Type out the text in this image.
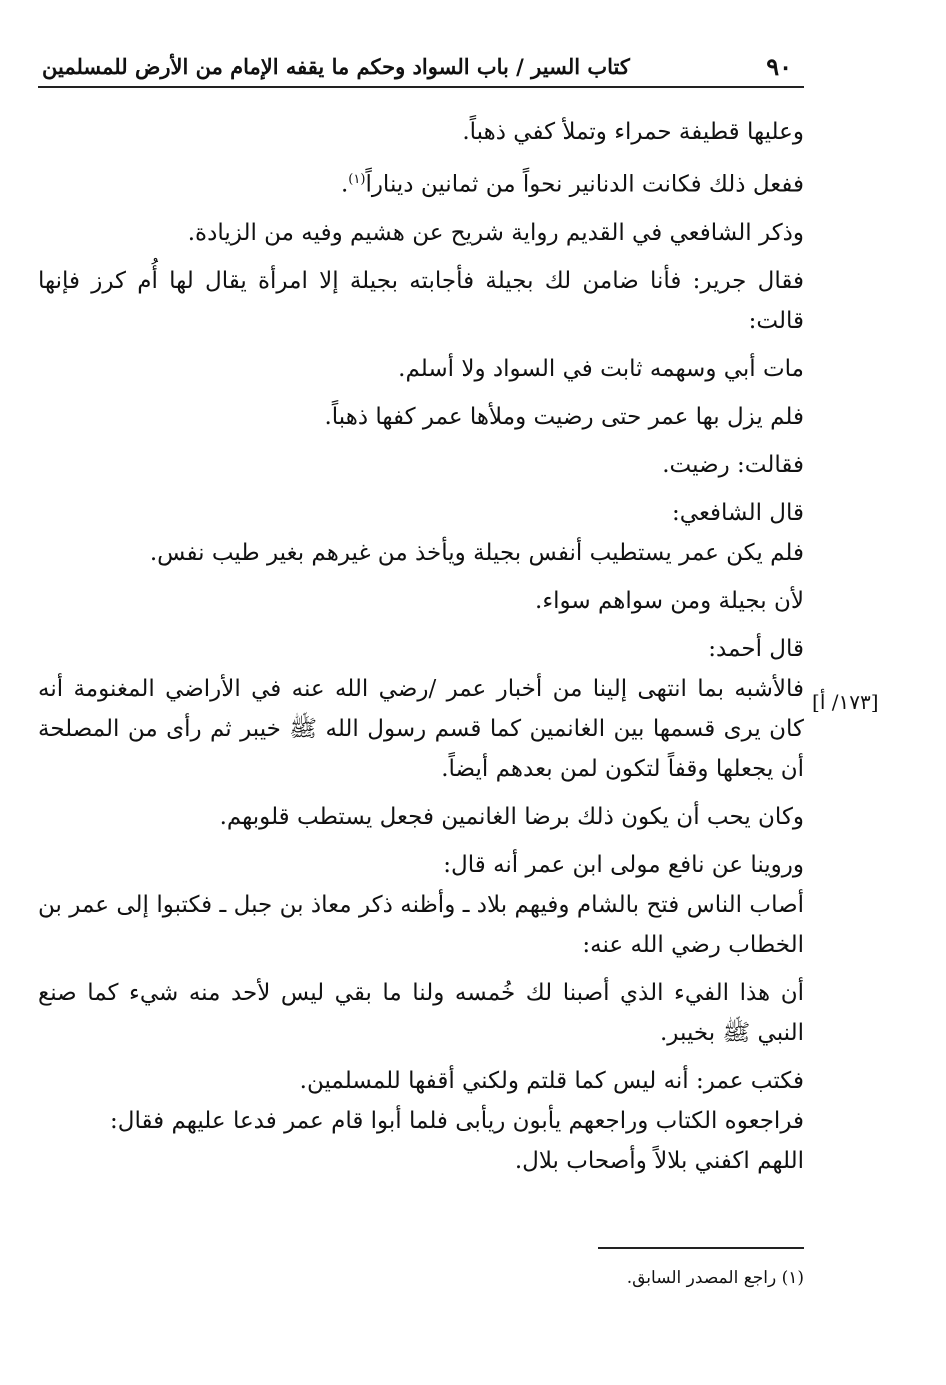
٩٠
كتاب السير / باب السواد وحكم ما يقفه الإمام من الأرض للمسلمين
[١٧٣/ أ]

وعليها قطيفة حمراء وتملأ كفي ذهباً.

ففعل ذلك فكانت الدنانير نحواً من ثمانين ديناراً$^{(١)}$.

وذكر الشافعي في القديم رواية شريح عن هشيم وفيه من الزيادة.

فقال جرير: فأنا ضامن لك بجيلة فأجابته بجيلة إلا امرأة يقال لها أُم كرز فإنها قالت:

مات أبي وسهمه ثابت في السواد ولا أسلم.

فلم يزل بها عمر حتى رضيت وملأها عمر كفها ذهباً.

فقالت: رضيت.

قال الشافعي:

فلم يكن عمر يستطيب أنفس بجيلة ويأخذ من غيرهم بغير طيب نفس.

لأن بجيلة ومن سواهم سواء.

قال أحمد:

فالأشبه بما انتهى إلينا من أخبار عمر /رضي الله عنه في الأراضي المغنومة أنه كان يرى قسمها بين الغانمين كما قسم رسول الله ﷺ خيبر ثم رأى من المصلحة أن يجعلها وقفاً لتكون لمن بعدهم أيضاً.

وكان يحب أن يكون ذلك برضا الغانمين فجعل يستطب قلوبهم.

وروينا عن نافع مولى ابن عمر أنه قال:

أصاب الناس فتح بالشام وفيهم بلاد ـ وأظنه ذكر معاذ بن جبل ـ فكتبوا إلى عمر بن الخطاب رضي الله عنه:

أن هذا الفيء الذي أصبنا لك خُمسه ولنا ما بقي ليس لأحد منه شيء كما صنع النبي ﷺ بخيبر.

فكتب عمر: أنه ليس كما قلتم ولكني أقفها للمسلمين.

فراجعوه الكتاب وراجعهم يأبون ريأبى فلما أبوا قام عمر فدعا عليهم فقال:

اللهم اكفني بلالاً وأصحاب بلال.

(١) راجع المصدر السابق.
